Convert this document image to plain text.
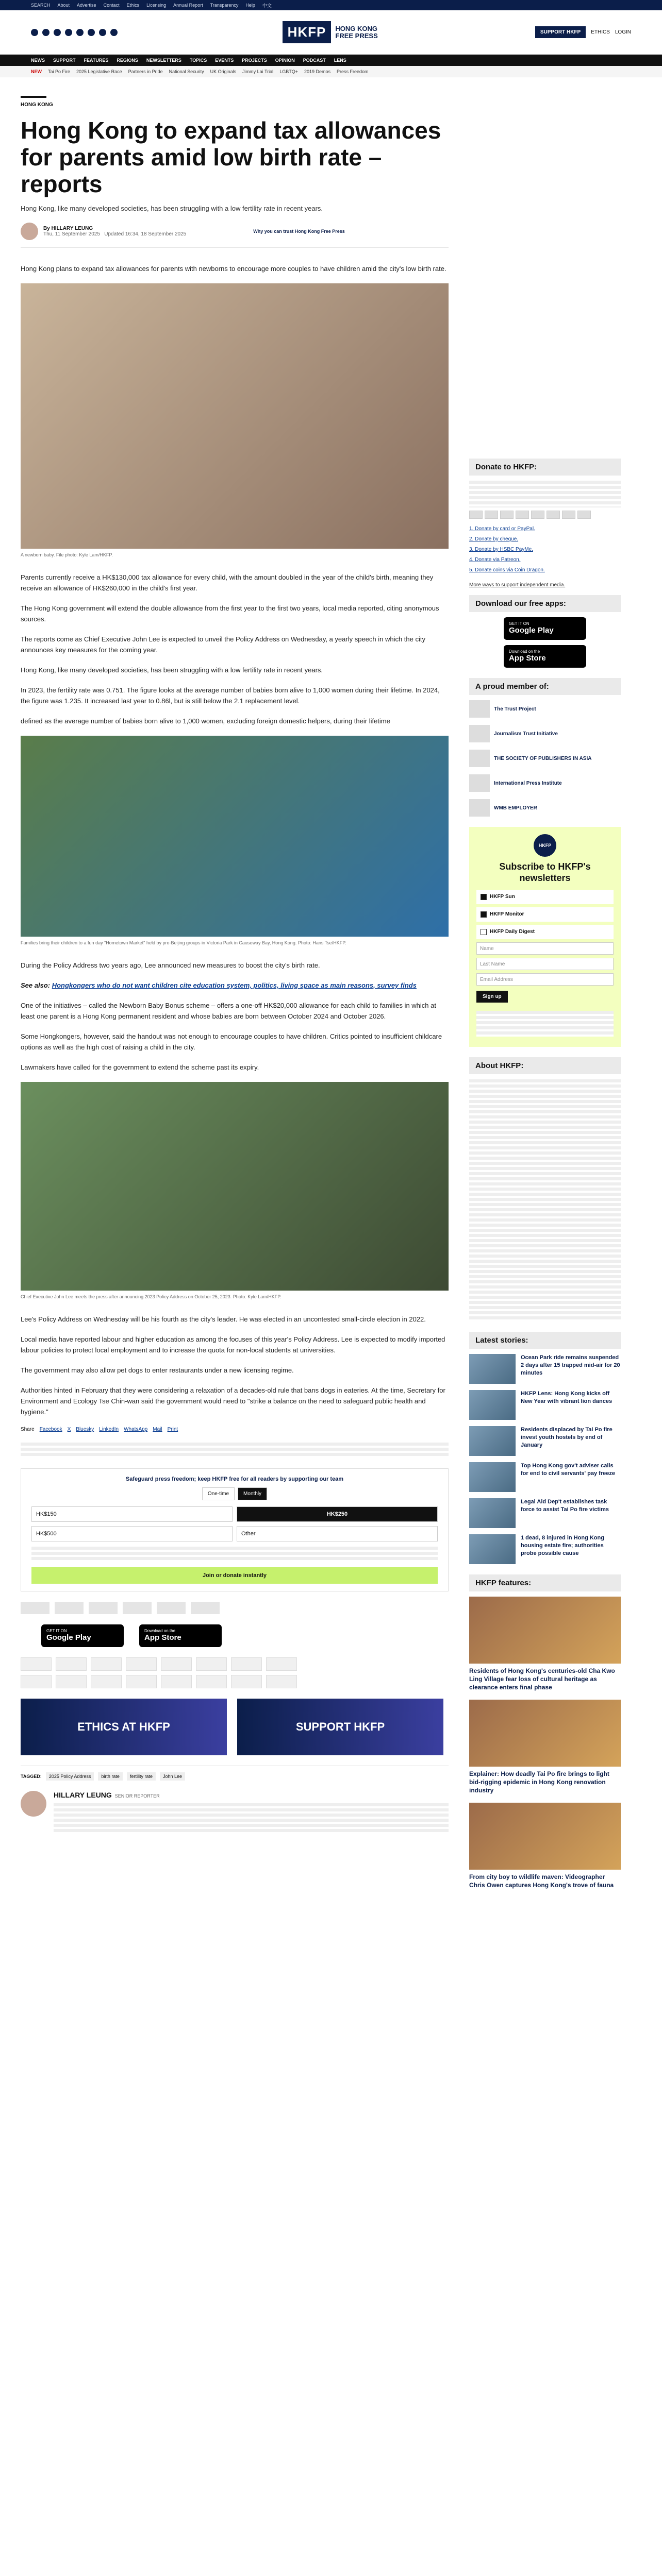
SEARCH About Advertise Contact Ethics Licensing Annual Report Transparency Help 中文
HKFP	HONG KONG FREE PRESS	SUPPORT HKFP	ETHICS LOGIN
NEWS SUPPORT FEATURES REGIONS NEWSLETTERS TOPICS EVENTS PROJECTS OPINION PODCAST LENS
NEW Tai Po Fire 2025 Legislative Race Partners in Pride National Security UK Originals Jimmy Lai Trial LGBTQ+ 2019 Demos Press Freedom
HONG KONG
Hong Kong to expand tax allowances for parents amid low birth rate – reports
Hong Kong, like many developed societies, has been struggling with a low fertility rate in recent years.
By HILLARY LEUNG
Thu, 11 September 2025 Updated 16:34, 18 September 2025	Why you can trust Hong Kong Free Press

Hong Kong plans to expand tax allowances for parents with newborns to encourage more couples to have children amid the city's low birth rate.

A newborn baby. File photo: Kyle Lam/HKFP.

Parents currently receive a HK$130,000 tax allowance for every child, with the amount doubled in the year of the child's birth, meaning they receive an allowance of HK$260,000 in the child's first year.

The Hong Kong government will extend the double allowance from the first year to the first two years, local media reported, citing anonymous sources.

The reports come as Chief Executive John Lee is expected to unveil the Policy Address on Wednesday, a yearly speech in which the city announces key measures for the coming year.

Hong Kong, like many developed societies, has been struggling with a low fertility rate in recent years.

In 2023, the fertility rate was 0.751. The figure looks at the average number of babies born alive to 1,000 women during their lifetime. In 2024, the figure was 1.235. It increased last year to 0.86l, but is still below the 2.1 replacement level.

defined as the average number of babies born alive to 1,000 women, excluding foreign domestic helpers, during their lifetime

Families bring their children to a fun day "Hometown Market" held by pro-Beijing groups in Victoria Park in Causeway Bay, Hong Kong. Photo: Hans Tse/HKFP.

During the Policy Address two years ago, Lee announced new measures to boost the city's birth rate.

See also: Hongkongers who do not want children cite education system, politics, living space as main reasons, survey finds

One of the initiatives – called the Newborn Baby Bonus scheme – offers a one-off HK$20,000 allowance for each child to families in which at least one parent is a Hong Kong permanent resident and whose babies are born between October 2024 and October 2026.

Some Hongkongers, however, said the handout was not enough to encourage couples to have children. Critics pointed to insufficient childcare options as well as the high cost of raising a child in the city.

Lawmakers have called for the government to extend the scheme past its expiry.

Chief Executive John Lee meets the press after announcing 2023 Policy Address on October 25, 2023. Photo: Kyle Lam/HKFP.

Lee's Policy Address on Wednesday will be his fourth as the city's leader. He was elected in an uncontested small-circle election in 2022.

Local media have reported labour and higher education as among the focuses of this year's Policy Address. Lee is expected to modify imported labour policies to protect local employment and to increase the quota for non-local students at universities.

The government may also allow pet dogs to enter restaurants under a new licensing regime.

Authorities hinted in February that they were considering a relaxation of a decades-old rule that bans dogs in eateries. At the time, Secretary for Environment and Ecology Tse Chin-wan said the government would need to "strike a balance on the need to safeguard public health and hygiene."

Share Facebook X Bluesky LinkedIn WhatsApp Mail Print
Safeguard press freedom; keep HKFP free for all readers by supporting our team
One-time	Monthly
HK$150	HK$250
HK$500	Other
Join or donate instantly
GET IT ON
Google Play
Download on the
App Store
ETHICS AT HKFP	SUPPORT HKFP
TAGGED:	2025 Policy Address	birth rate	fertility rate	John Lee
HILLARY LEUNG SENIOR REPORTER
Donate to HKFP:
1. Donate by card or PayPal.
2. Donate by cheque.
3. Donate by HSBC PayMe.
4. Donate via Patreon.
5. Donate coins via Coin Dragon.
More ways to support independent media.
Download our free apps:
GET IT ON
Google Play
Download on the
App Store
A proud member of:
The Trust Project
Journalism Trust Initiative
THE SOCIETY OF PUBLISHERS IN ASIA
International Press Institute
WMB EMPLOYER
HKFP
Subscribe to HKFP's newsletters
HKFP Sun
HKFP Monitor
HKFP Daily Digest
Name
Last Name
Email Address
Sign up
About HKFP:
Latest stories:
Ocean Park ride remains suspended 2 days after 15 trapped mid-air for 20 minutes
HKFP Lens: Hong Kong kicks off New Year with vibrant lion dances
Residents displaced by Tai Po fire invest youth hostels by end of January
Top Hong Kong gov't adviser calls for end to civil servants' pay freeze
Legal Aid Dep't establishes task force to assist Tai Po fire victims
1 dead, 8 injured in Hong Kong housing estate fire; authorities probe possible cause
HKFP features:
Residents of Hong Kong's centuries-old Cha Kwo Ling Village fear loss of cultural heritage as clearance enters final phase
Explainer: How deadly Tai Po fire brings to light bid-rigging epidemic in Hong Kong renovation industry
From city boy to wildlife maven: Videographer Chris Owen captures Hong Kong's trove of fauna
